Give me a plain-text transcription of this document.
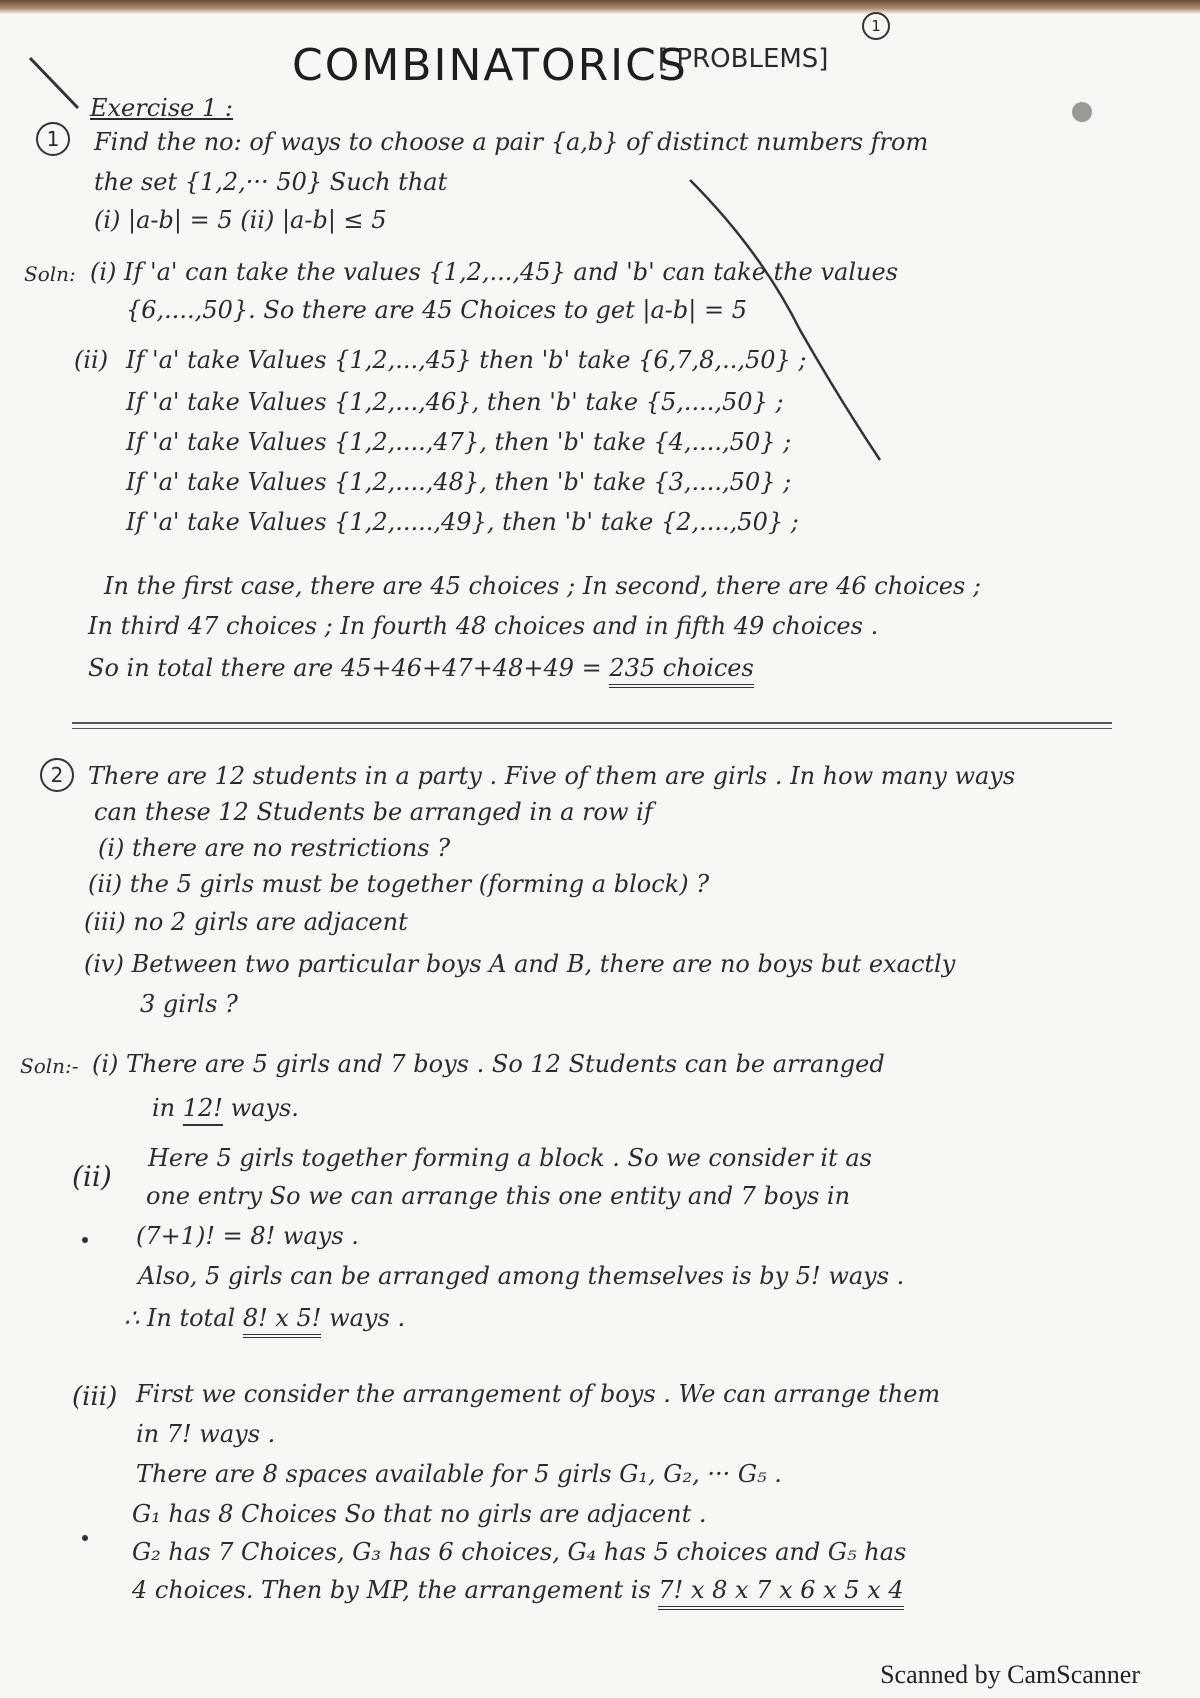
1
COMBINATORICS
[ PROBLEMS]
Exercise 1 :
1	Find the no: of ways to choose a pair {a,b} of distinct numbers from
the set {1,2,··· 50} Such that
(i) |a-b| = 5 (ii) |a-b| ≤ 5
Soln: (i) If 'a' can take the values {1,2,...,45} and 'b' can take the values
{6,....,50}. So there are 45 Choices to get |a-b| = 5
(ii) If 'a' take Values {1,2,...,45} then 'b' take {6,7,8,..,50} ;
If 'a' take Values {1,2,...,46}, then 'b' take {5,....,50} ;
If 'a' take Values {1,2,....,47}, then 'b' take {4,....,50} ;
If 'a' take Values {1,2,....,48}, then 'b' take {3,....,50} ;
If 'a' take Values {1,2,.....,49}, then 'b' take {2,....,50} ;
In the first case, there are 45 choices ; In second, there are 46 choices ;
In third 47 choices ; In fourth 48 choices and in fifth 49 choices .
So in total there are 45+46+47+48+49 = 235 choices
2	There are 12 students in a party . Five of them are girls . In how many ways
can these 12 Students be arranged in a row if
(i) there are no restrictions ?
(ii) the 5 girls must be together (forming a block) ?
(iii) no 2 girls are adjacent
(iv) Between two particular boys A and B, there are no boys but exactly
3 girls ?
Soln:- (i) There are 5 girls and 7 boys . So 12 Students can be arranged
in 12! ways.
(ii)
Here 5 girls together forming a block . So we consider it as
one entry So we can arrange this one entity and 7 boys in
(7+1)! = 8! ways .
Also, 5 girls can be arranged among themselves is by 5! ways .
∴ In total 8! x 5! ways .
(iii) First we consider the arrangement of boys . We can arrange them
in 7! ways .
There are 8 spaces available for 5 girls G₁, G₂, ··· G₅ .
G₁ has 8 Choices So that no girls are adjacent .
G₂ has 7 Choices, G₃ has 6 choices, G₄ has 5 choices and G₅ has
4 choices. Then by MP, the arrangement is 7! x 8 x 7 x 6 x 5 x 4
Scanned by CamScanner
